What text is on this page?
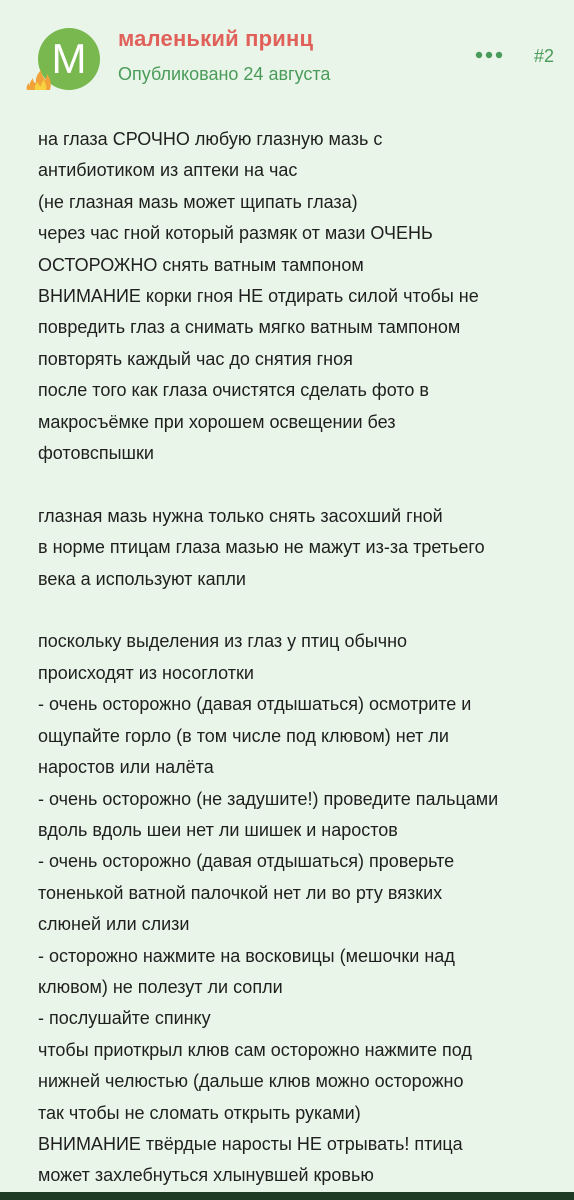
M	маленький принц
Опубликовано 24 августа
#2
на глаза СРОЧНО любую глазную мазь с
антибиотиком из аптеки на час
(не глазная мазь может щипать глаза)
через час гной который размяк от мази ОЧЕНЬ
ОСТОРОЖНО снять ватным тампоном
ВНИМАНИЕ корки гноя НЕ отдирать силой чтобы не
повредить глаз а снимать мягко ватным тампоном
повторять каждый час до снятия гноя
после того как глаза очистятся сделать фото в
макросъёмке при хорошем освещении без
фотовспышки
глазная мазь нужна только снять засохший гной
в норме птицам глаза мазью не мажут из-за третьего
века а используют капли
поскольку выделения из глаз у птиц обычно
происходят из носоглотки
- очень осторожно (давая отдышаться) осмотрите и
ощупайте горло (в том числе под клювом) нет ли
наростов или налёта
- очень осторожно (не задушите!) проведите пальцами
вдоль вдоль шеи нет ли шишек и наростов
- очень осторожно (давая отдышаться) проверьте
тоненькой ватной палочкой нет ли во рту вязких
слюней или слизи
- осторожно нажмите на восковицы (мешочки над
клювом) не полезут ли сопли
- послушайте спинку
чтобы приоткрыл клюв сам осторожно нажмите под
нижней челюстью (дальше клюв можно осторожно
так чтобы не сломать открыть руками)
ВНИМАНИЕ твёрдые наросты НЕ отрывать! птица
может захлебнуться хлынувшей кровью
